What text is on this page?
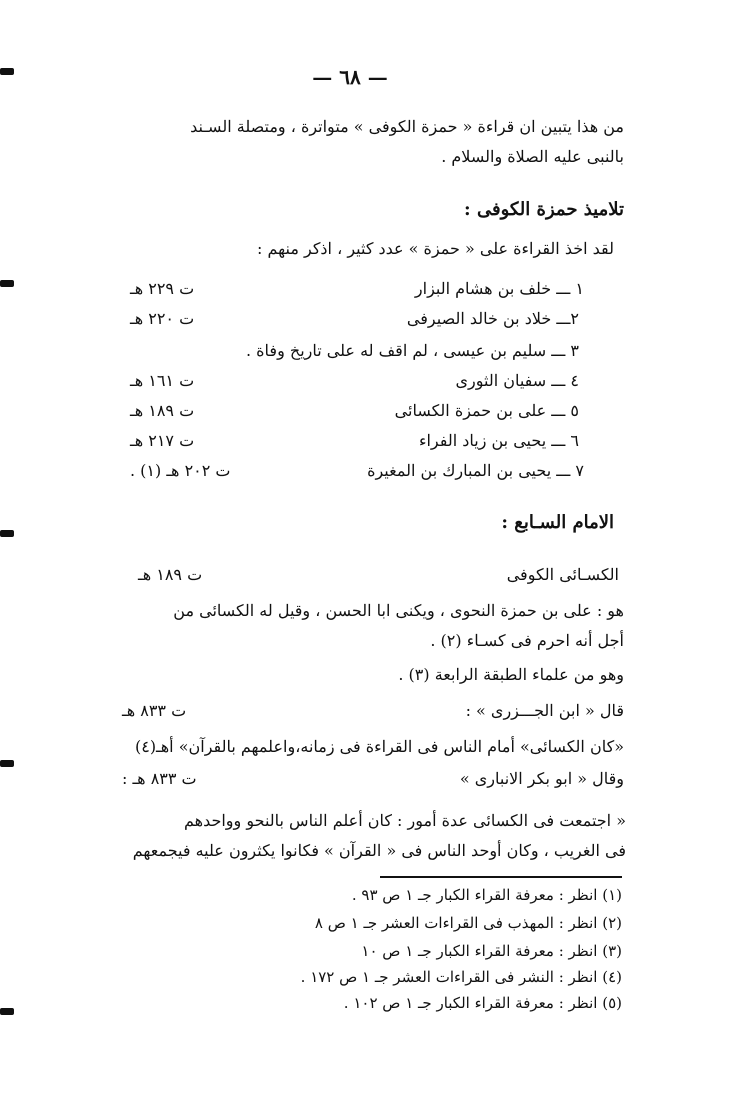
— ٦٨ —
من هذا يتبين ان قراءة « حمزة الكوفى » متواترة ، ومتصلة السـند
بالنبى عليه الصلاة والسلام .
تلاميذ حمزة الكوفى :
لقد اخذ القراءة على « حمزة » عدد كثير ، اذكر منهم :
١ ـــ خلف بن هشام البزار
ت ٢٢٩ هـ
٢ـــ خلاد بن خالد الصيرفى
ت ٢٢٠ هـ
٣ ـــ سليم بن عيسى ، لم اقف له على تاريخ وفاة .
٤ ـــ سفيان الثورى
ت ١٦١ هـ
٥ ـــ على بن حمزة الكسائى
ت ١٨٩ هـ
٦ ـــ يحيى بن زياد الفراء
ت ٢١٧ هـ
٧ ـــ يحيى بن المبارك بن المغيرة
ت ٢٠٢ هـ (١) .
الامام السـابع :
الكسـائى الكوفى
ت ١٨٩ هـ
هو : على بن حمزة النحوى ، ويكنى ابا الحسن ، وقيل له الكسائى من
أجل أنه احرم فى كسـاء (٢) .
وهو من علماء الطبقة الرابعة (٣) .
قال « ابن الجـــزرى » :
ت ٨٣٣ هـ
«كان الكسائى» أمام الناس فى القراءة فى زمانه،واعلمهم بالقرآن» أهـ(٤)
وقال « ابو بكر الانبارى »
ت ٨٣٣ هـ :
« اجتمعت فى الكسائى عدة أمور : كان أعلم الناس بالنحو وواحدهم
فى الغريب ، وكان أوحد الناس فى « القرآن » فكانوا يكثرون عليه فيجمعهم
(١) انظر : معرفة القراء الكبار جـ ١ ص ٩٣ .
(٢) انظر : المهذب فى القراءات العشر جـ ١ ص ٨
(٣) انظر : معرفة القراء الكبار جـ ١ ص ١٠
(٤) انظر : النشر فى القراءات العشر جـ ١ ص ١٧٢ .
(٥) انظر : معرفة القراء الكبار جـ ١ ص ١٠٢ .
